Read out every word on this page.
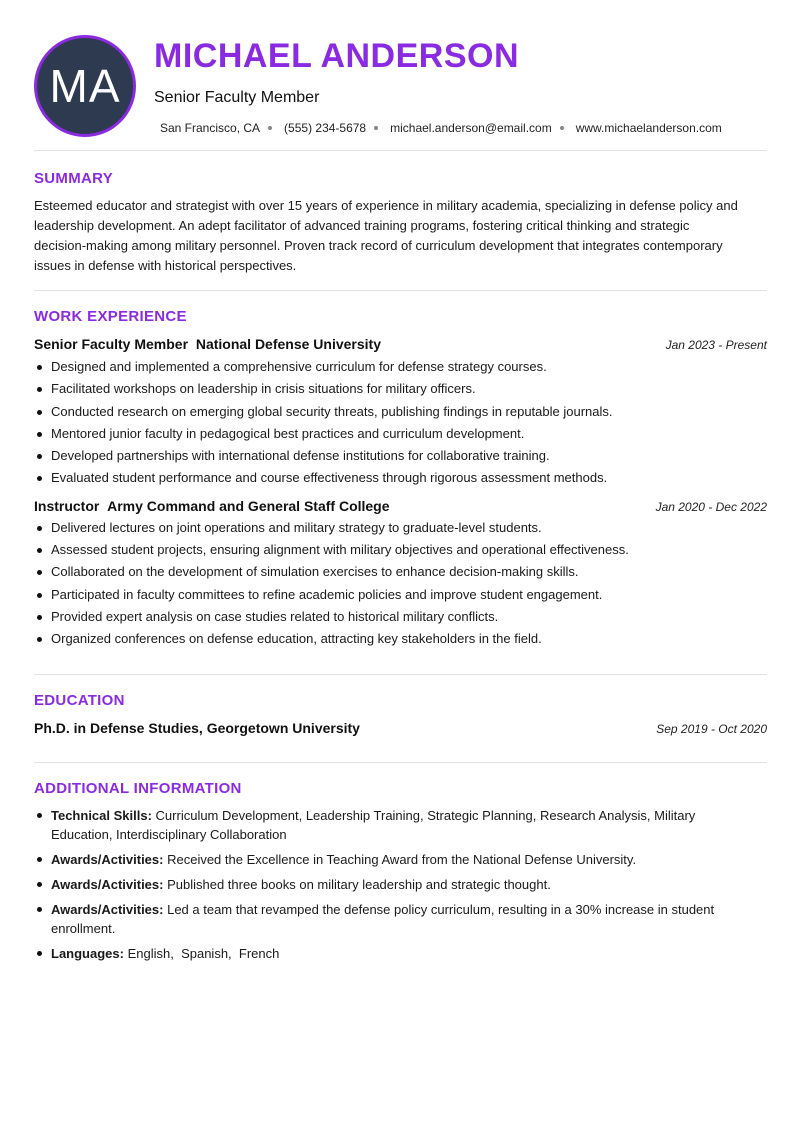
MA
MICHAEL ANDERSON
Senior Faculty Member
San Francisco, CA (555) 234-5678 michael.anderson@email.com www.michaelanderson.com
SUMMARY
Esteemed educator and strategist with over 15 years of experience in military academia, specializing in defense policy and
leadership development. An adept facilitator of advanced training programs, fostering critical thinking and strategic
decision-making among military personnel. Proven track record of curriculum development that integrates contemporary
issues in defense with historical perspectives.
WORK EXPERIENCE
Senior Faculty Member National Defense University	Jan 2023 - Present
Designed and implemented a comprehensive curriculum for defense strategy courses.
Facilitated workshops on leadership in crisis situations for military officers.
Conducted research on emerging global security threats, publishing findings in reputable journals.
Mentored junior faculty in pedagogical best practices and curriculum development.
Developed partnerships with international defense institutions for collaborative training.
Evaluated student performance and course effectiveness through rigorous assessment methods.
Instructor Army Command and General Staff College	Jan 2020 - Dec 2022
Delivered lectures on joint operations and military strategy to graduate-level students.
Assessed student projects, ensuring alignment with military objectives and operational effectiveness.
Collaborated on the development of simulation exercises to enhance decision-making skills.
Participated in faculty committees to refine academic policies and improve student engagement.
Provided expert analysis on case studies related to historical military conflicts.
Organized conferences on defense education, attracting key stakeholders in the field.
EDUCATION
Ph.D. in Defense Studies, Georgetown University	Sep 2019 - Oct 2020
ADDITIONAL INFORMATION
Technical Skills: Curriculum Development, Leadership Training, Strategic Planning, Research Analysis, Military
Education, Interdisciplinary Collaboration
Awards/Activities: Received the Excellence in Teaching Award from the National Defense University.
Awards/Activities: Published three books on military leadership and strategic thought.
Awards/Activities: Led a team that revamped the defense policy curriculum, resulting in a 30% increase in student
enrollment.
Languages: English,  Spanish,  French
